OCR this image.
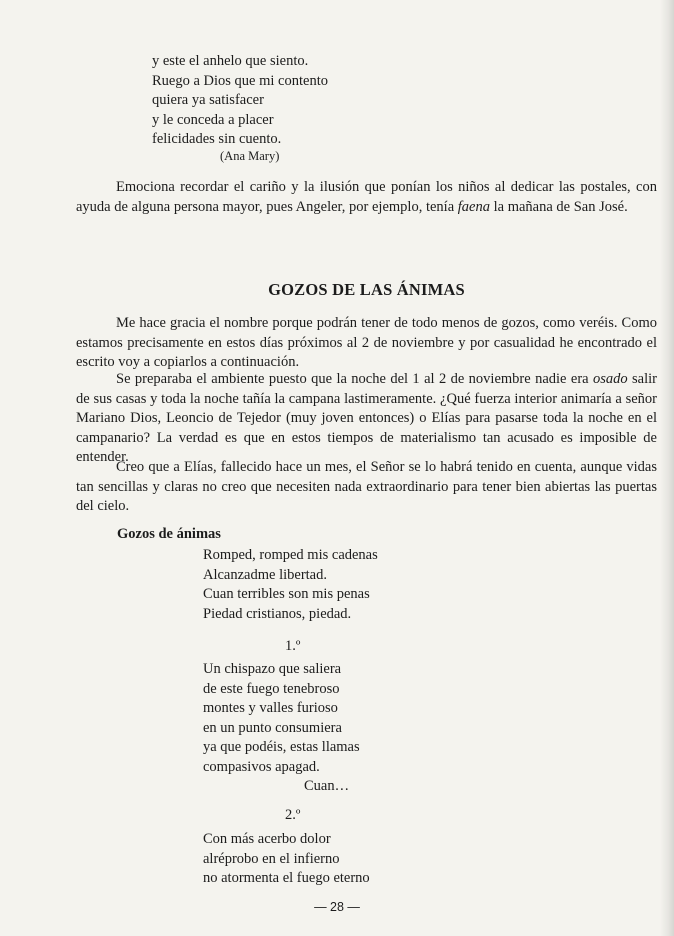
y este el anhelo que siento.
Ruego a Dios que mi contento
quiera ya satisfacer
y le conceda a placer
felicidades sin cuento.
(Ana Mary)

Emociona recordar el cariño y la ilusión que ponían los niños al dedicar las postales, con ayuda de alguna persona mayor, pues Angeler, por ejemplo, tenía faena la mañana de San José.

GOZOS DE LAS ÁNIMAS

Me hace gracia el nombre porque podrán tener de todo menos de gozos, como veréis. Como estamos precisamente en estos días próximos al 2 de noviembre y por casualidad he encontrado el escrito voy a copiarlos a continuación.

Se preparaba el ambiente puesto que la noche del 1 al 2 de noviembre nadie era osado salir de sus casas y toda la noche tañía la campana lastimeramente. ¿Qué fuerza interior animaría a señor Mariano Dios, Leoncio de Tejedor (muy joven entonces) o Elías para pasarse toda la noche en el campanario? La verdad es que en estos tiempos de materialismo tan acusado es imposible de entender.

Creo que a Elías, fallecido hace un mes, el Señor se lo habrá tenido en cuenta, aunque vidas tan sencillas y claras no creo que necesiten nada extraordinario para tener bien abiertas las puertas del cielo.

Gozos de ánimas
Romped, romped mis cadenas
Alcanzadme libertad.
Cuan terribles son mis penas
Piedad cristianos, piedad.
1.º
Un chispazo que saliera
de este fuego tenebroso
montes y valles furioso
en un punto consumiera
ya que podéis, estas llamas
compasivos apagad.
Cuan…
2.º
Con más acerbo dolor
alréprobo en el infierno
no atormenta el fuego eterno
— 28 —
